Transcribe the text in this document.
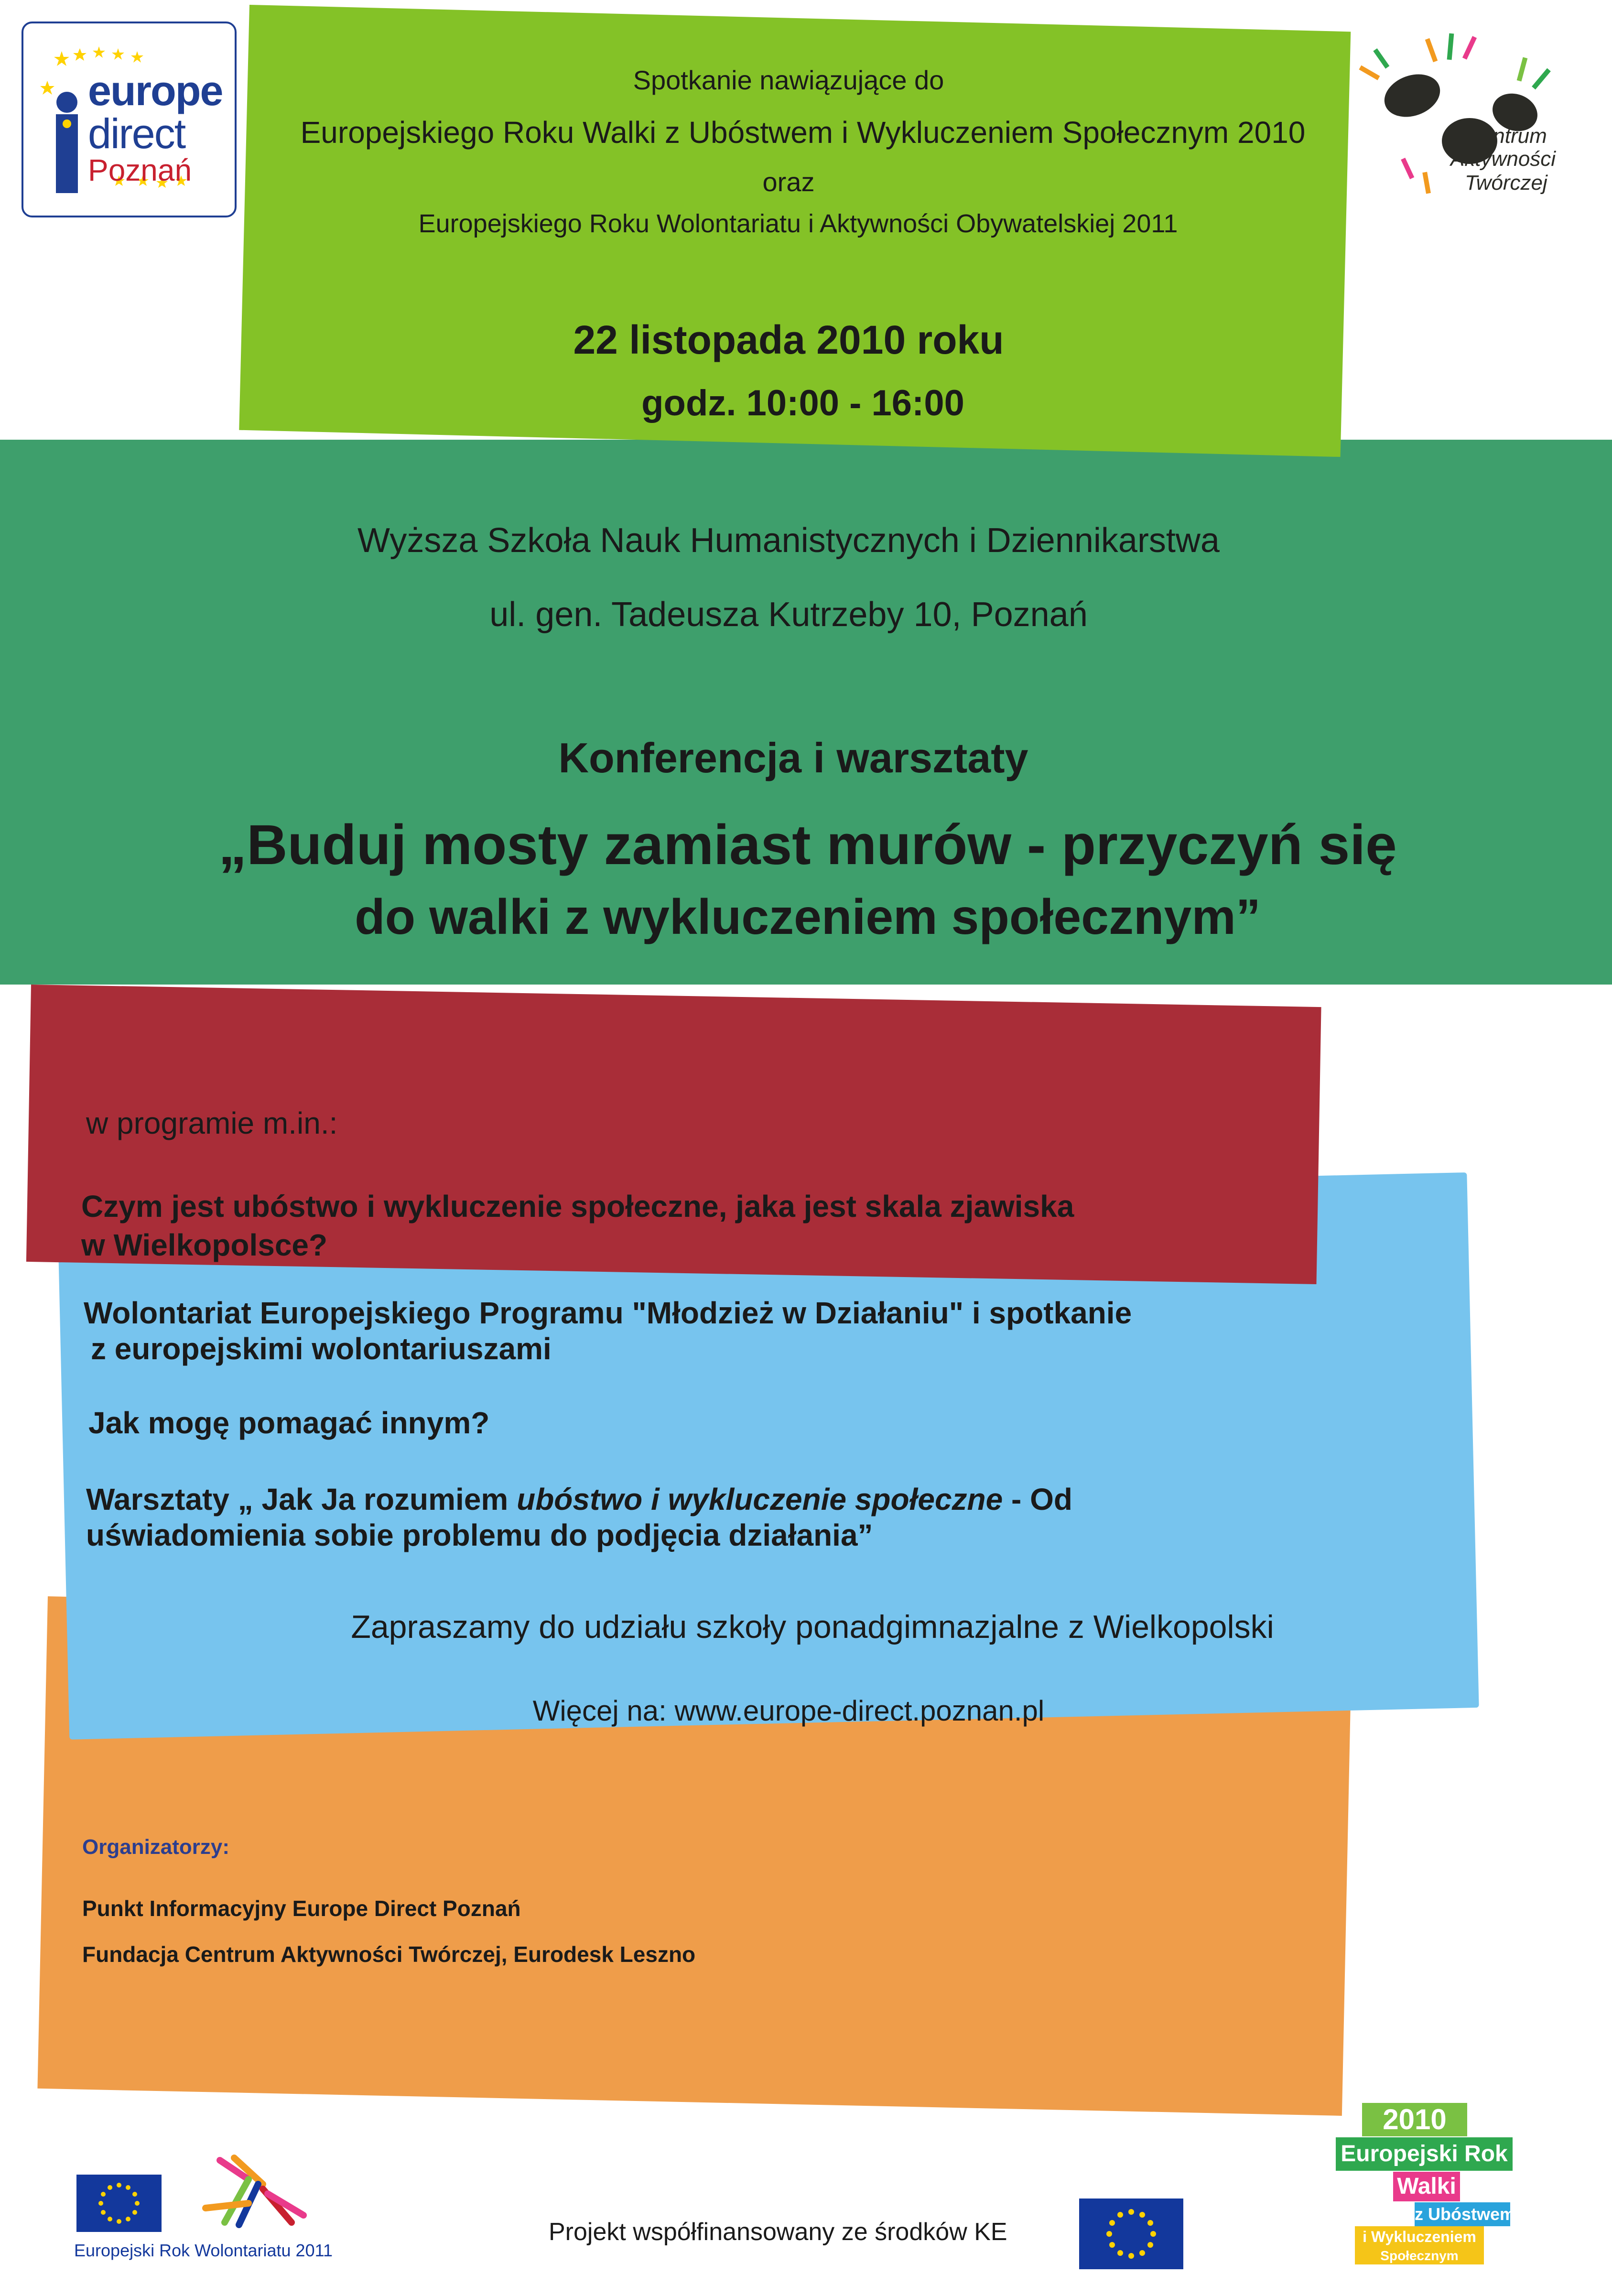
Spotkanie nawiązujące do
Europejskiego Roku Walki z Ubóstwem i Wykluczeniem Społecznym 2010
oraz
Europejskiego Roku Wolontariatu i Aktywności Obywatelskiej 2011
22 listopada 2010 roku
godz. 10:00 - 16:00
Wyższa Szkoła Nauk Humanistycznych i Dziennikarstwa
ul. gen. Tadeusza Kutrzeby 10, Poznań
Konferencja i warsztaty
„Buduj mosty zamiast murów - przyczyń się
do walki z wykluczeniem społecznym”
w programie m.in.:
Czym jest ubóstwo i wykluczenie społeczne, jaka jest skala zjawiska
w Wielkopolsce?
Wolontariat Europejskiego Programu "Młodzież w Działaniu" i spotkanie
z europejskimi wolontariuszami
Jak mogę pomagać innym?
Warsztaty „ Jak Ja rozumiem ubóstwo i wykluczenie społeczne - Od
uświadomienia sobie problemu do podjęcia działania”
Zapraszamy do udziału szkoły ponadgimnazjalne z Wielkopolski
Więcej na: www.europe-direct.poznan.pl
Organizatorzy:
Punkt Informacyjny Europe Direct Poznań
Fundacja Centrum Aktywności Twórczej, Eurodesk Leszno
europe
direct
Poznań
Centrum
Aktywności
Twórczej
Europejski Rok Wolontariatu 2011
Projekt współfinansowany ze środków KE
2010
Europejski Rok
Walki
z Ubóstwem
i Wykluczeniem
Społecznym
